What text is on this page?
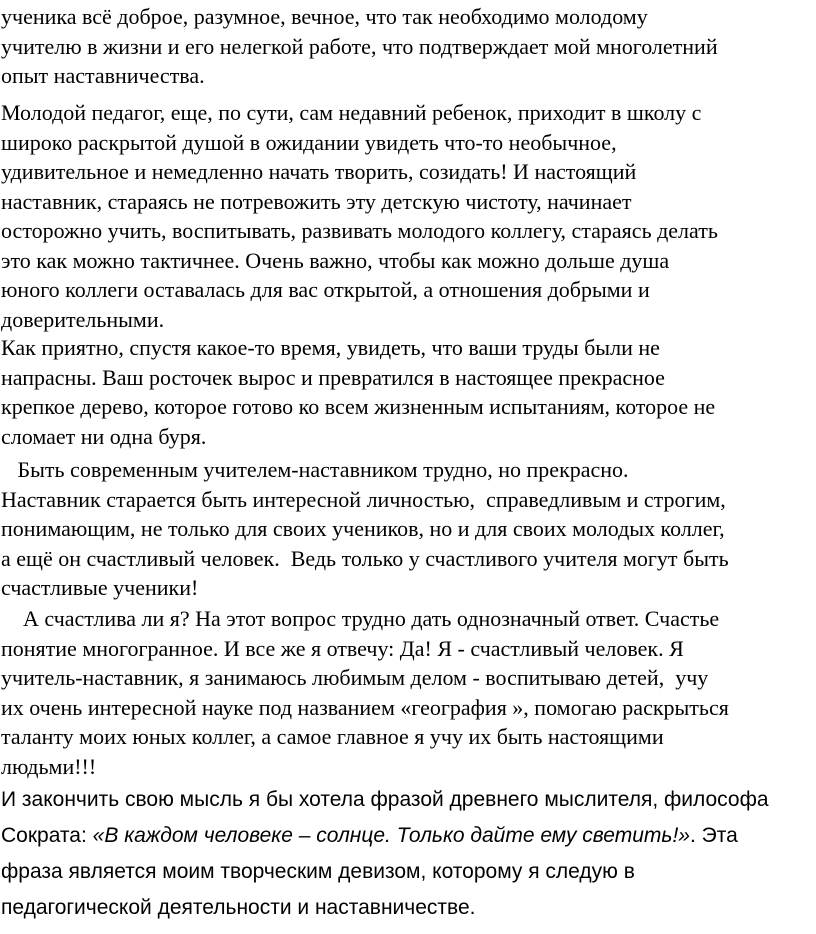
ученика всё доброе, разумное, вечное, что так необходимо молодому
учителю в жизни и его нелегкой работе, что подтверждает мой многолетний
опыт наставничества.
Молодой педагог, еще, по сути, сам недавний ребенок, приходит в школу с
широко раскрытой душой в ожидании увидеть что-то необычное,
удивительное и немедленно начать творить, созидать! И настоящий
наставник, стараясь не потревожить эту детскую чистоту, начинает
осторожно учить, воспитывать, развивать молодого коллегу, стараясь делать
это как можно тактичнее. Очень важно, чтобы как можно дольше душа
юного коллеги оставалась для вас открытой, а отношения добрыми и
доверительными.
Как приятно, спустя какое-то время, увидеть, что ваши труды были не
напрасны. Ваш росточек вырос и превратился в настоящее прекрасное
крепкое дерево, которое готово ко всем жизненным испытаниям, которое не
сломает ни одна буря.
Быть современным учителем-наставником трудно, но прекрасно.
Наставник старается быть интересной личностью,  справедливым и строгим,
понимающим, не только для своих учеников, но и для своих молодых коллег,
а ещё он счастливый человек.  Ведь только у счастливого учителя могут быть
счастливые ученики!
А счастлива ли я? На этот вопрос трудно дать однозначный ответ. Счастье
понятие многогранное. И все же я отвечу: Да! Я - счастливый человек. Я
учитель-наставник, я занимаюсь любимым делом - воспитываю детей,  учу
их очень интересной науке под названием «география », помогаю раскрыться
таланту моих юных коллег, а самое главное я учу их быть настоящими
людьми!!!
И закончить свою мысль я бы хотела фразой древнего мыслителя, философа
Сократа: «В каждом человеке – солнце. Только дайте ему светить!». Эта
фраза является моим творческим девизом, которому я следую в
педагогической деятельности и наставничестве.
